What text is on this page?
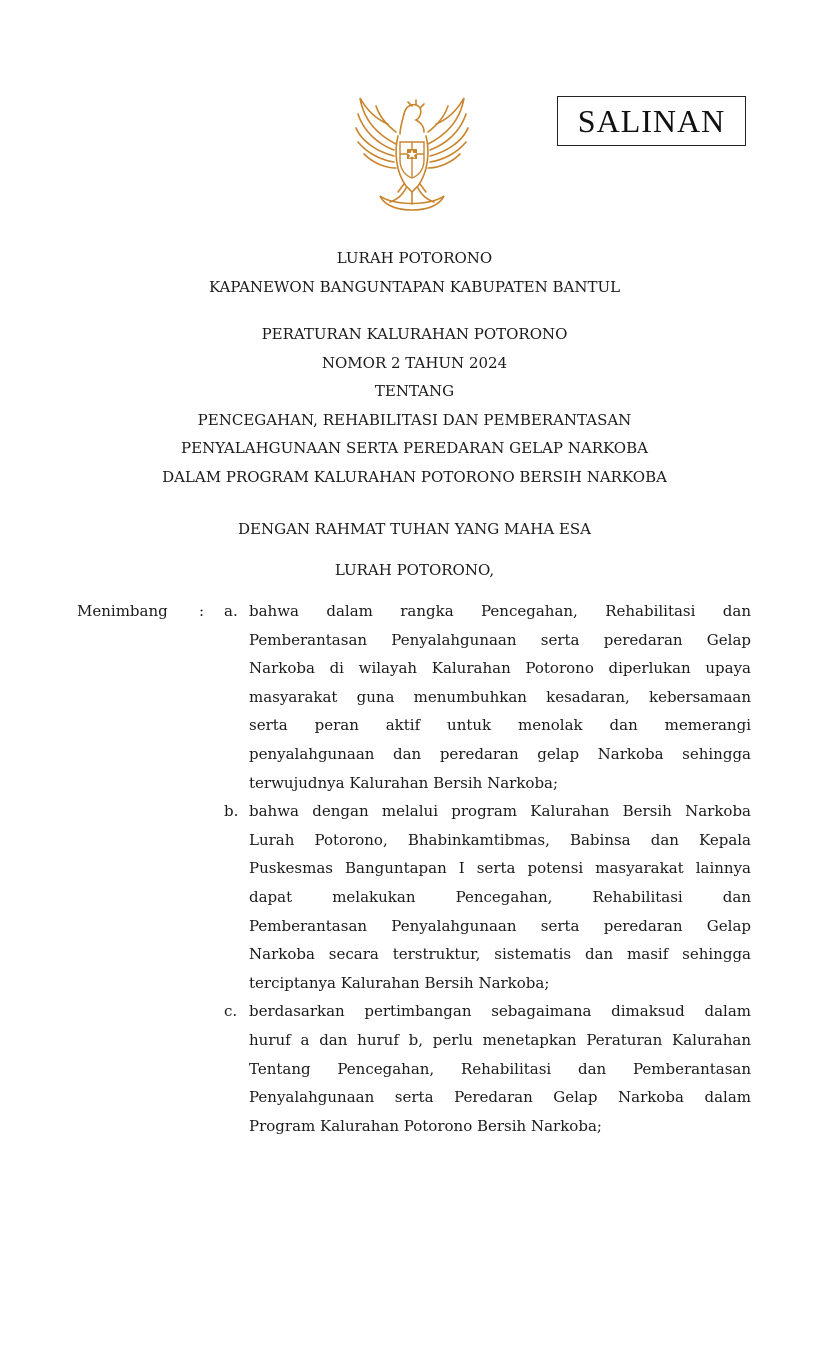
SALINAN
LURAH POTORONO
KAPANEWON BANGUNTAPAN KABUPATEN BANTUL
PERATURAN KALURAHAN POTORONO
NOMOR 2 TAHUN 2024
TENTANG
PENCEGAHAN, REHABILITASI DAN PEMBERANTASAN
PENYALAHGUNAAN SERTA PEREDARAN GELAP NARKOBA
DALAM PROGRAM KALURAHAN POTORONO BERSIH NARKOBA
DENGAN RAHMAT TUHAN YANG MAHA ESA
LURAH POTORONO,
Menimbang : a. bahwa dalam rangka Pencegahan, Rehabilitasi dan
Pemberantasan Penyalahgunaan serta peredaran Gelap
Narkoba di wilayah Kalurahan Potorono diperlukan upaya
masyarakat guna menumbuhkan kesadaran, kebersamaan
serta peran aktif untuk menolak dan memerangi
penyalahgunaan dan peredaran gelap Narkoba sehingga
terwujudnya Kalurahan Bersih Narkoba;
b. bahwa dengan melalui program Kalurahan Bersih Narkoba
Lurah Potorono, Bhabinkamtibmas, Babinsa dan Kepala
Puskesmas Banguntapan I serta potensi masyarakat lainnya
dapat melakukan Pencegahan, Rehabilitasi dan
Pemberantasan Penyalahgunaan serta peredaran Gelap
Narkoba secara terstruktur, sistematis dan masif sehingga
terciptanya Kalurahan Bersih Narkoba;
c. berdasarkan pertimbangan sebagaimana dimaksud dalam
huruf a dan huruf b, perlu menetapkan Peraturan Kalurahan
Tentang Pencegahan, Rehabilitasi dan Pemberantasan
Penyalahgunaan serta Peredaran Gelap Narkoba dalam
Program Kalurahan Potorono Bersih Narkoba;
